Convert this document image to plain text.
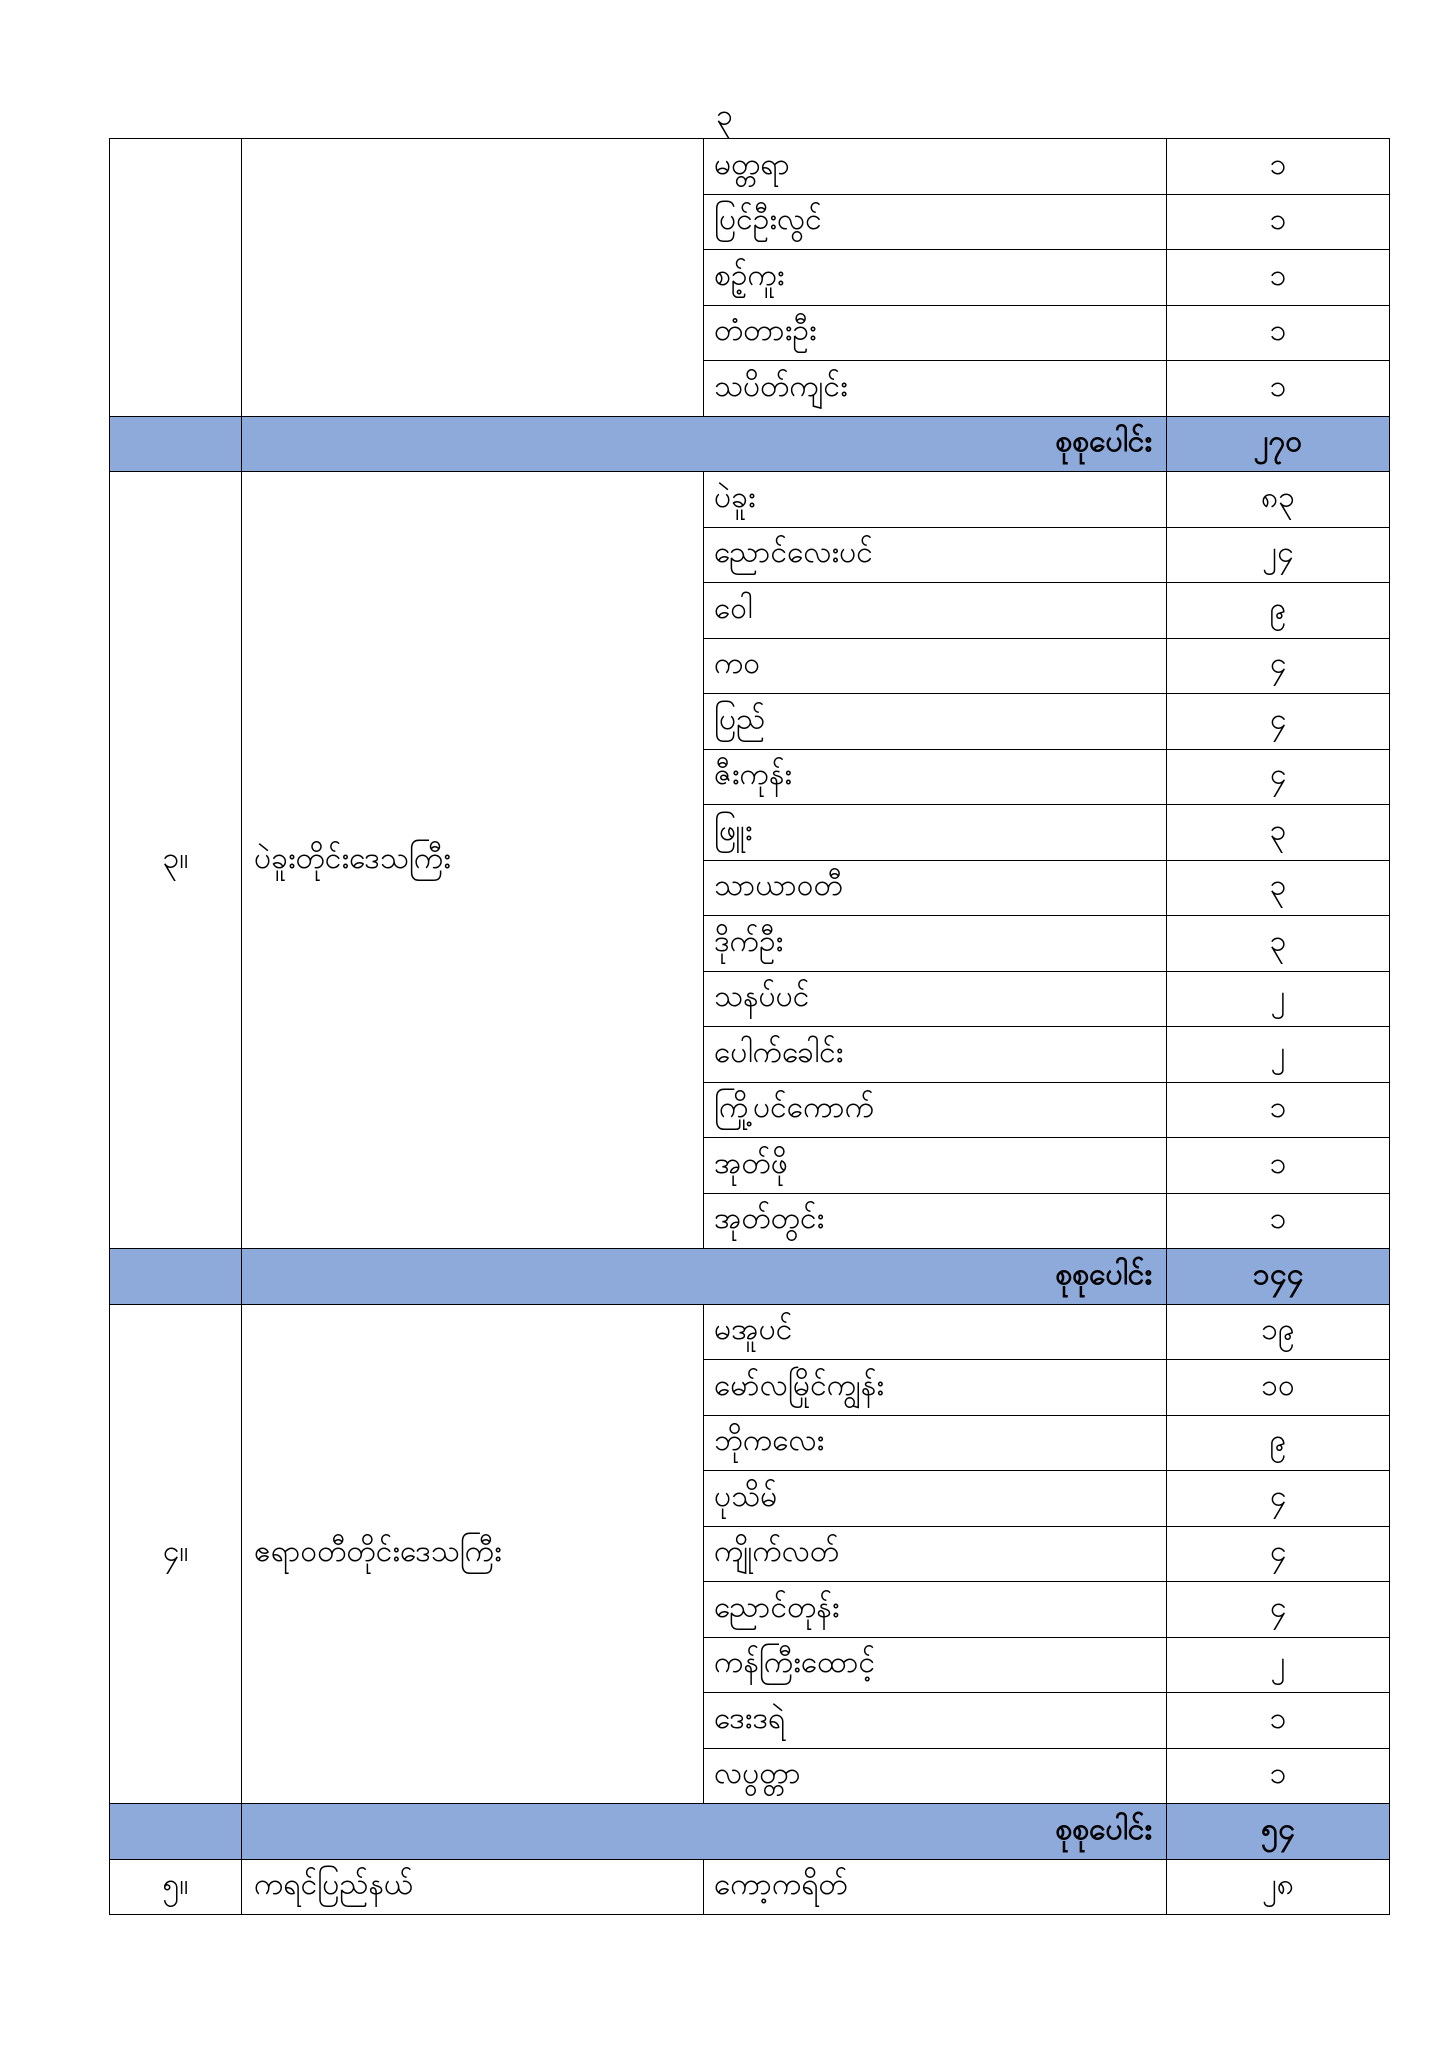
၃
		မတ္တရာ	၁
		ပြင်ဦးလွင်	၁
		စဥ့်ကူး	၁
		တံတားဦး	၁
		သပိတ်ကျင်း	၁
	စုစုပေါင်း		၂၇၀
၃။	ပဲခူးတိုင်းဒေသကြီး	ပဲခူး	၈၃
		ညောင်လေးပင်	၂၄
		ဝေါ	၉
		ကဝ	၄
		ပြည်	၄
		ဇီးကုန်း	၄
		ဖြူး	၃
		သာယာဝတီ	၃
		ဒိုက်ဦး	၃
		သနပ်ပင်	၂
		ပေါက်ခေါင်း	၂
		ကြို့ပင်ကောက်	၁
		အုတ်ဖို	၁
		အုတ်တွင်း	၁
	စုစုပေါင်း		၁၄၄
၄။	ဧရာဝတီတိုင်းဒေသကြီး	မအူပင်	၁၉
		မော်လမြိုင်ကျွန်း	၁၀
		ဘိုကလေး	၉
		ပုသိမ်	၄
		ကျိုက်လတ်	၄
		ညောင်တုန်း	၄
		ကန်ကြီးထောင့်	၂
		ဒေးဒရဲ	၁
		လပွတ္တာ	၁
	စုစုပေါင်း		၅၄
၅။	ကရင်ပြည်နယ်	ကော့ကရိတ်	၂၈
